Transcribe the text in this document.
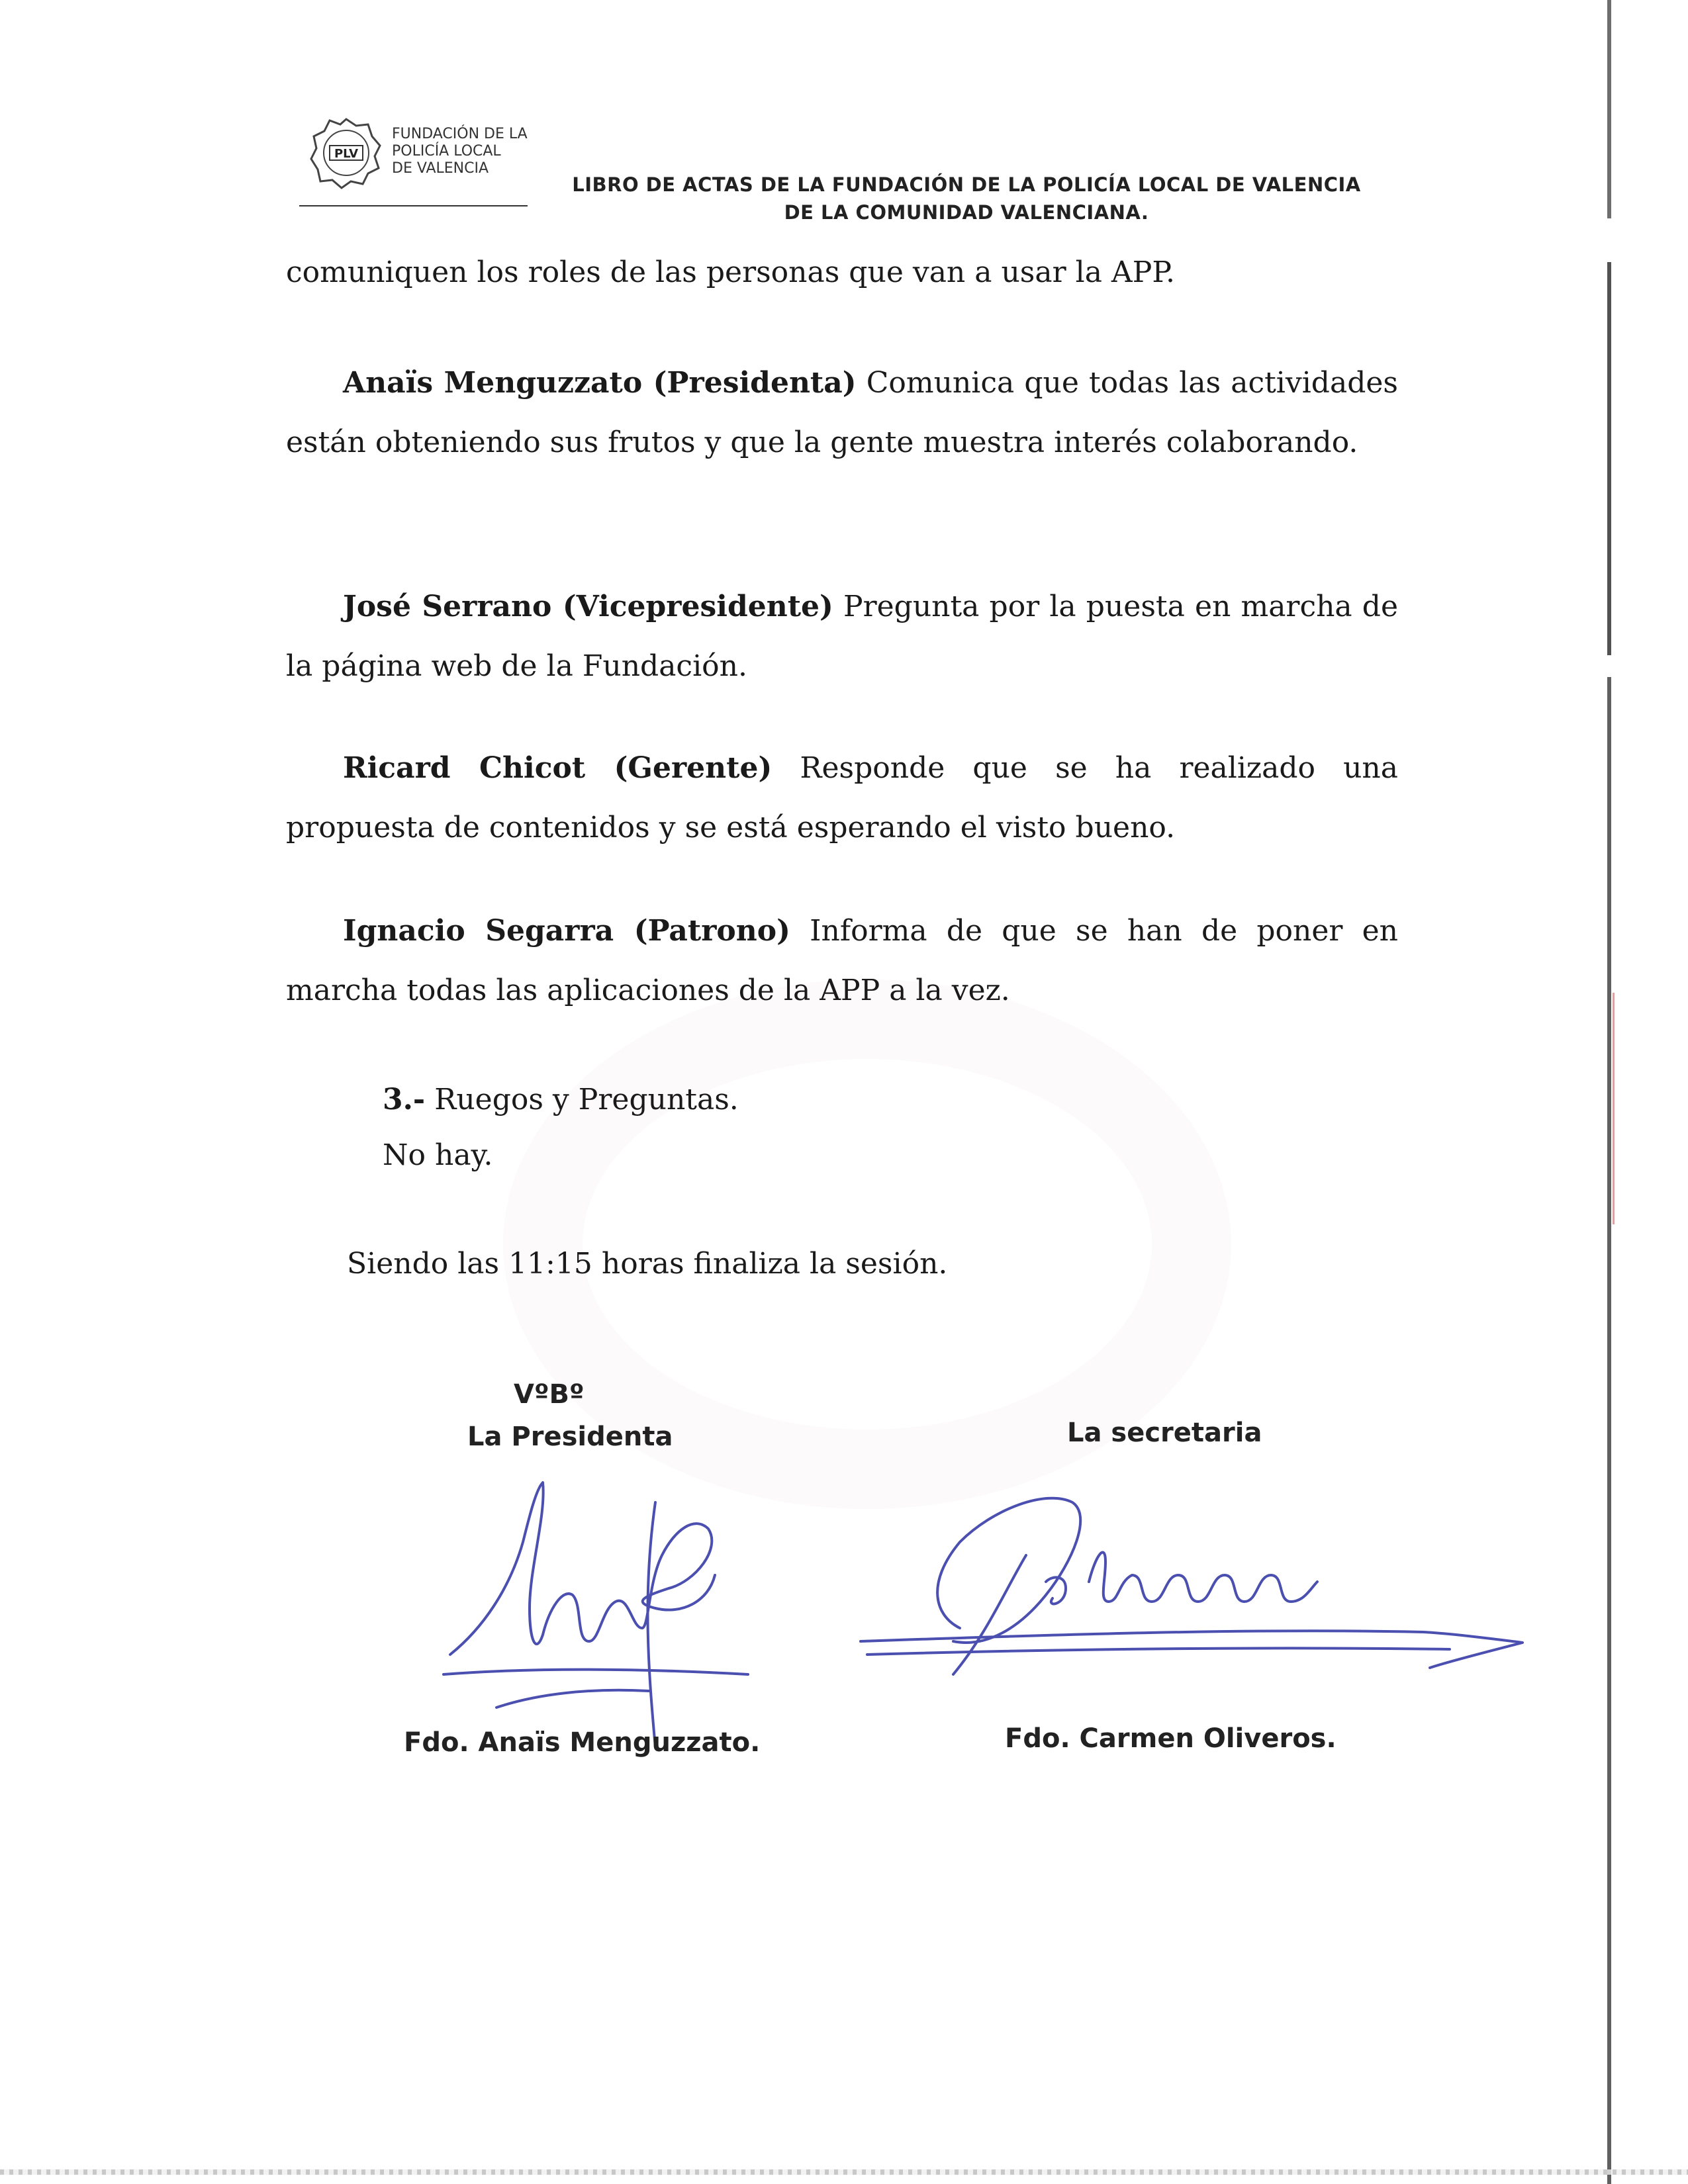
PLV
FUNDACIÓN DE LA
POLICÍA LOCAL
DE VALENCIA
LIBRO DE ACTAS DE LA FUNDACIÓN DE LA POLICÍA LOCAL DE VALENCIA
DE LA COMUNIDAD VALENCIANA.
comuniquen los roles de las personas que van a usar la APP.
Anaïs Menguzzato (Presidenta) Comunica que todas las actividades están obteniendo sus frutos y que la gente muestra interés colaborando.
José Serrano (Vicepresidente) Pregunta por la puesta en marcha de la página web de la Fundación.
Ricard Chicot (Gerente) Responde que se ha realizado una propuesta de contenidos y se está esperando el visto bueno.
Ignacio Segarra (Patrono) Informa de que se han de poner en marcha todas las aplicaciones de la APP a la vez.
3.- Ruegos y Preguntas.
No hay.
Siendo las 11:15 horas finaliza la sesión.
VºBº
La Presidenta	La secretaria
Fdo. Anaïs Menguzzato.	Fdo. Carmen Oliveros.
